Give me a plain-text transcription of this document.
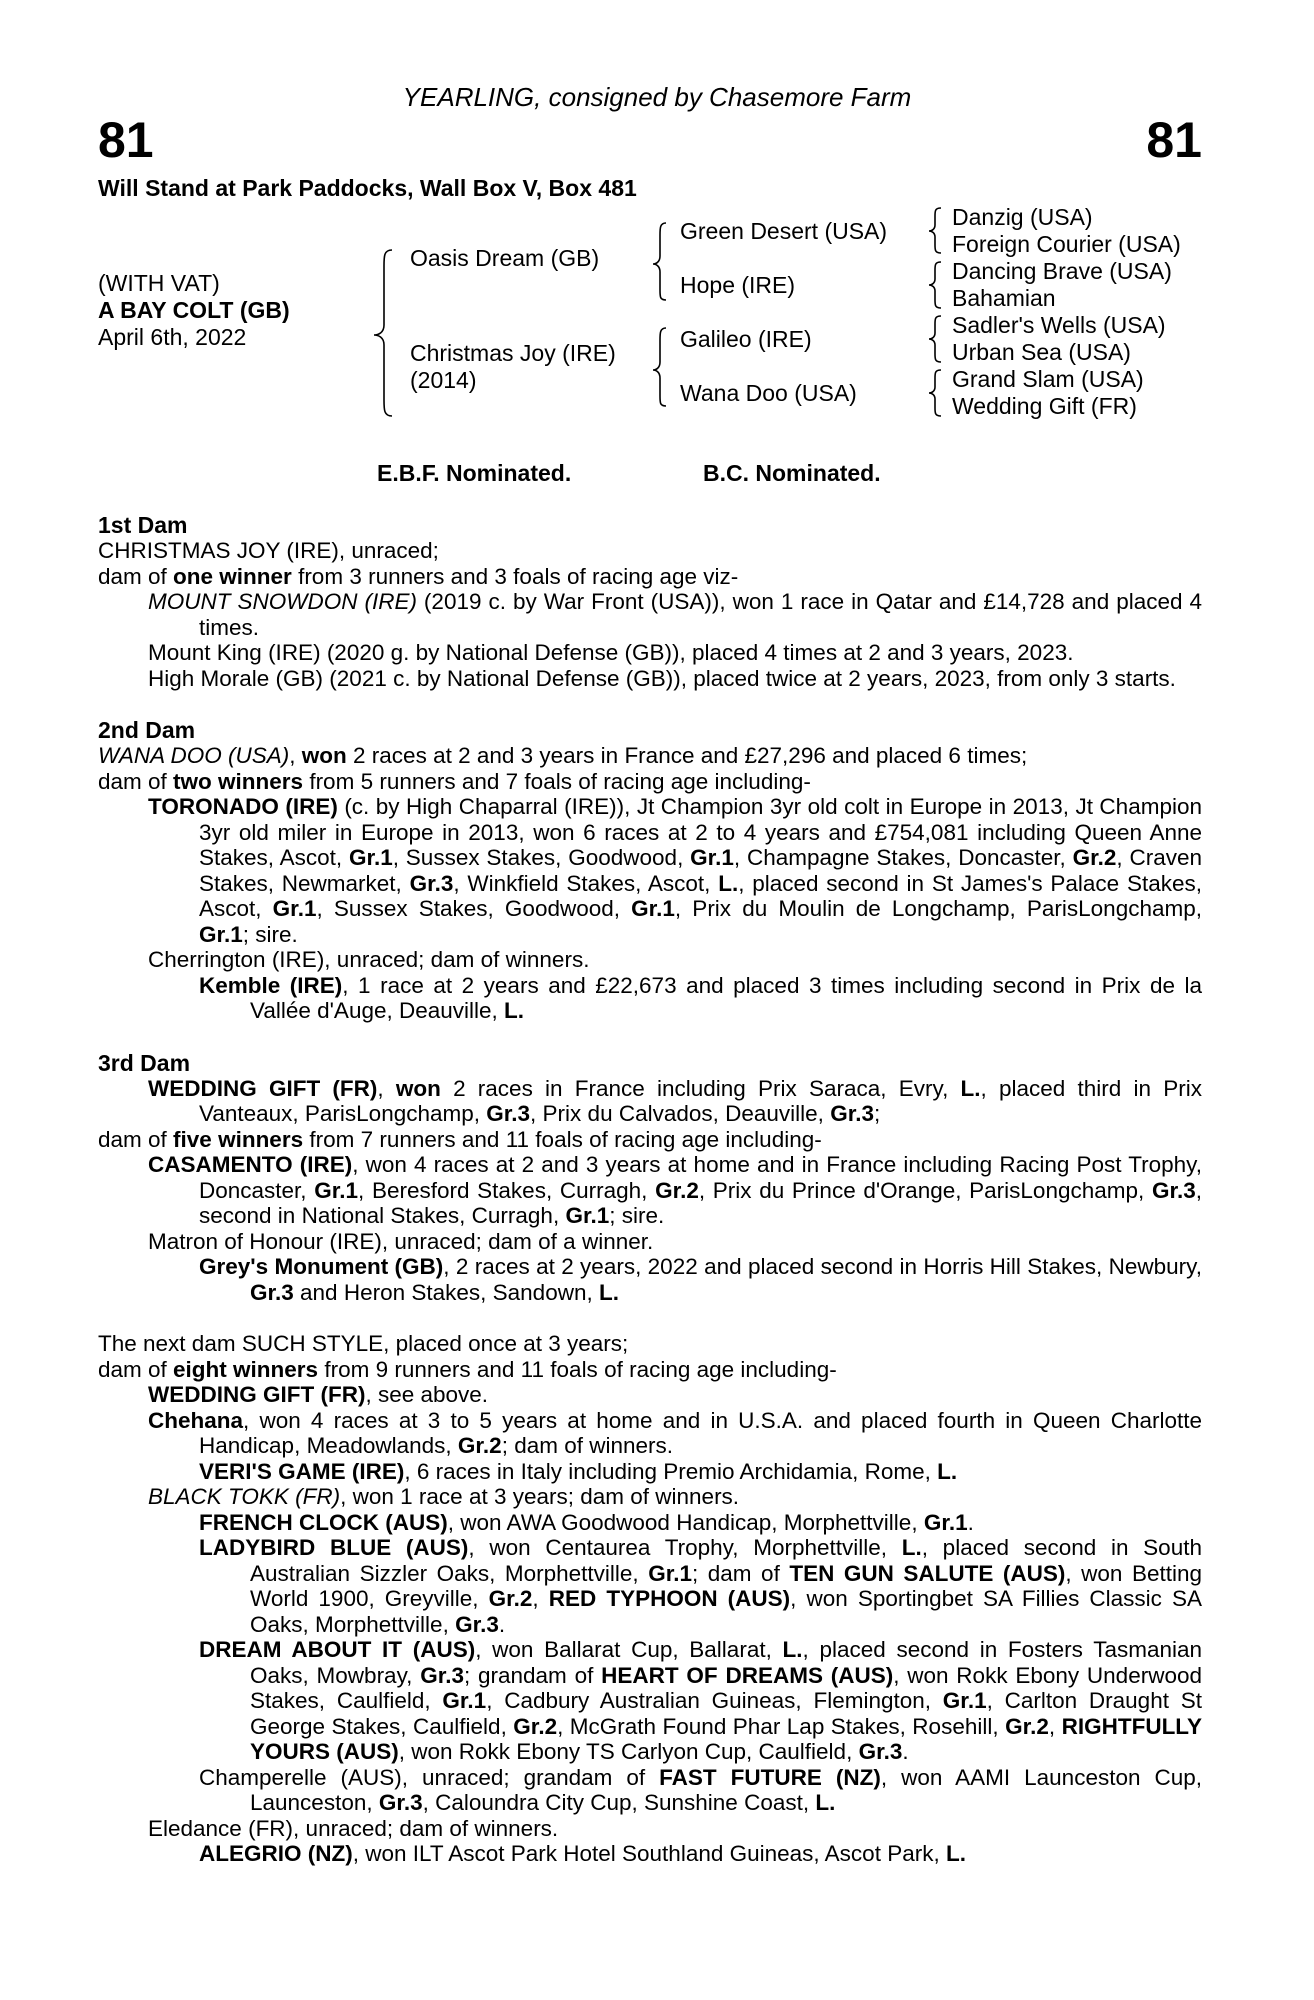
YEARLING, consigned by Chasemore Farm
81	81
Will Stand at Park Paddocks, Wall Box V, Box 481
(WITH VAT)
A BAY COLT (GB)
April 6th, 2022
Oasis Dream (GB)
Christmas Joy (IRE)
(2014)
Green Desert (USA)
Hope (IRE)
Galileo (IRE)
Wana Doo (USA)
Danzig (USA)
Foreign Courier (USA)
Dancing Brave (USA)
Bahamian
Sadler's Wells (USA)
Urban Sea (USA)
Grand Slam (USA)
Wedding Gift (FR)
E.B.F. Nominated.	B.C. Nominated.

1st Dam

CHRISTMAS JOY (IRE), unraced;

dam of one winner from 3 runners and 3 foals of racing age viz-

MOUNT SNOWDON (IRE) (2019 c. by War Front (USA)), won 1 race in Qatar and £14,728 and placed 4 times.

Mount King (IRE) (2020 g. by National Defense (GB)), placed 4 times at 2 and 3 years, 2023.

High Morale (GB) (2021 c. by National Defense (GB)), placed twice at 2 years, 2023, from only 3 starts.

2nd Dam

WANA DOO (USA), won 2 races at 2 and 3 years in France and £27,296 and placed 6 times;

dam of two winners from 5 runners and 7 foals of racing age including-

TORONADO (IRE) (c. by High Chaparral (IRE)), Jt Champion 3yr old colt in Europe in 2013, Jt Champion 3yr old miler in Europe in 2013, won 6 races at 2 to 4 years and £754,081 including Queen Anne Stakes, Ascot, Gr.1, Sussex Stakes, Goodwood, Gr.1, Champagne Stakes, Doncaster, Gr.2, Craven Stakes, Newmarket, Gr.3, Winkfield Stakes, Ascot, L., placed second in St James's Palace Stakes, Ascot, Gr.1, Sussex Stakes, Goodwood, Gr.1, Prix du Moulin de Longchamp, ParisLongchamp, Gr.1; sire.

Cherrington (IRE), unraced; dam of winners.

Kemble (IRE), 1 race at 2 years and £22,673 and placed 3 times including second in Prix de la Vallée d'Auge, Deauville, L.

3rd Dam

WEDDING GIFT (FR), won 2 races in France including Prix Saraca, Evry, L., placed third in Prix Vanteaux, ParisLongchamp, Gr.3, Prix du Calvados, Deauville, Gr.3;

dam of five winners from 7 runners and 11 foals of racing age including-

CASAMENTO (IRE), won 4 races at 2 and 3 years at home and in France including Racing Post Trophy, Doncaster, Gr.1, Beresford Stakes, Curragh, Gr.2, Prix du Prince d'Orange, ParisLongchamp, Gr.3, second in National Stakes, Curragh, Gr.1; sire.

Matron of Honour (IRE), unraced; dam of a winner.

Grey's Monument (GB), 2 races at 2 years, 2022 and placed second in Horris Hill Stakes, Newbury, Gr.3 and Heron Stakes, Sandown, L.

The next dam SUCH STYLE, placed once at 3 years;

dam of eight winners from 9 runners and 11 foals of racing age including-

WEDDING GIFT (FR), see above.

Chehana, won 4 races at 3 to 5 years at home and in U.S.A. and placed fourth in Queen Charlotte Handicap, Meadowlands, Gr.2; dam of winners.

VERI'S GAME (IRE), 6 races in Italy including Premio Archidamia, Rome, L.

BLACK TOKK (FR), won 1 race at 3 years; dam of winners.

FRENCH CLOCK (AUS), won AWA Goodwood Handicap, Morphettville, Gr.1.

LADYBIRD BLUE (AUS), won Centaurea Trophy, Morphettville, L., placed second in South Australian Sizzler Oaks, Morphettville, Gr.1; dam of TEN GUN SALUTE (AUS), won Betting World 1900, Greyville, Gr.2, RED TYPHOON (AUS), won Sportingbet SA Fillies Classic SA Oaks, Morphettville, Gr.3.

DREAM ABOUT IT (AUS), won Ballarat Cup, Ballarat, L., placed second in Fosters Tasmanian Oaks, Mowbray, Gr.3; grandam of HEART OF DREAMS (AUS), won Rokk Ebony Underwood Stakes, Caulfield, Gr.1, Cadbury Australian Guineas, Flemington, Gr.1, Carlton Draught St George Stakes, Caulfield, Gr.2, McGrath Found Phar Lap Stakes, Rosehill, Gr.2, RIGHTFULLY YOURS (AUS), won Rokk Ebony TS Carlyon Cup, Caulfield, Gr.3.

Champerelle (AUS), unraced; grandam of FAST FUTURE (NZ), won AAMI Launceston Cup, Launceston, Gr.3, Caloundra City Cup, Sunshine Coast, L.

Eledance (FR), unraced; dam of winners.

ALEGRIO (NZ), won ILT Ascot Park Hotel Southland Guineas, Ascot Park, L.
